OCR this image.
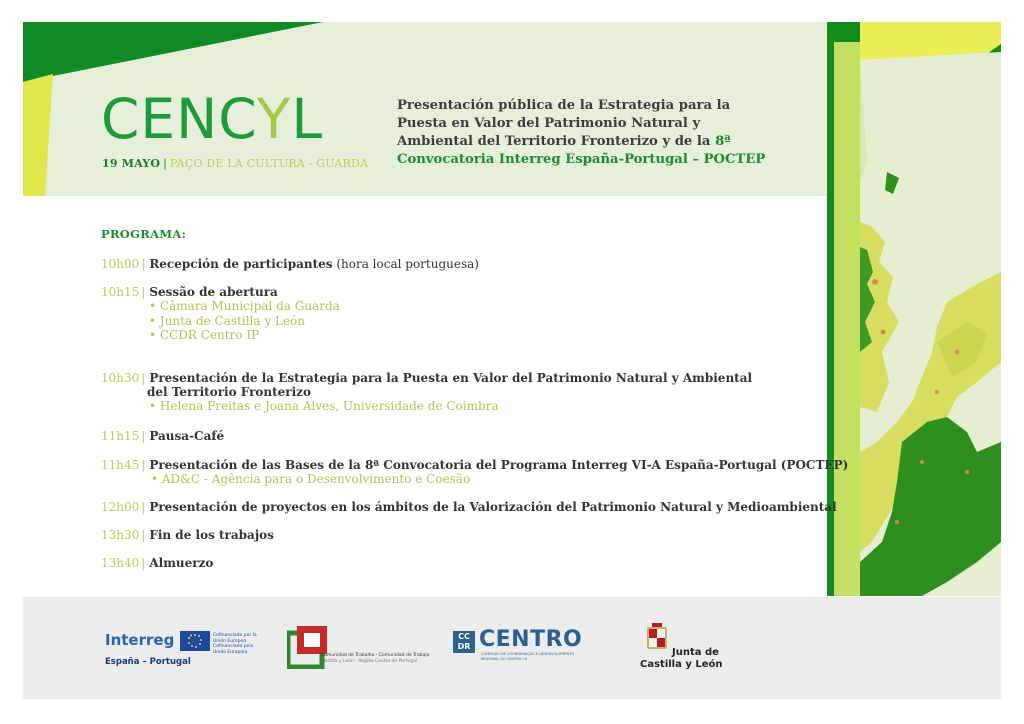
CENCYL
19 MAYO | PAÇO DE LA CULTURA - GUARDA
Presentación pública de la Estrategia para la Puesta en Valor del Patrimonio Natural y Ambiental del Territorio Fronterizo y de la 8ª Convocatoria Interreg España-Portugal – POCTEP
PROGRAMA:
10h00 | Recepción de participantes (hora local portuguesa)
10h15 | Sessão de abertura
• Câmara Municipal da Guarda
• Junta de Castilla y León
• CCDR Centro IP
10h30 | Presentación de la Estrategia para la Puesta en Valor del Patrimonio Natural y Ambiental
del Territorio Fronterizo
• Helena Freitas e Joana Alves, Universidade de Coimbra
11h15 | Pausa-Café
11h45 | Presentación de las Bases de la 8ª Convocatoria del Programa Interreg VI-A España-Portugal (POCTEP)
• AD&C - Agência para o Desenvolvimento e Coesão
12h00 | Presentación de proyectos en los ámbitos de la Valorización del Patrimonio Natural y Medioambiental
13h30 | Fin de los trabajos
13h40 | Almuerzo
Interreg	Cofinanciado por la Unión Europea Cofinanciado pela União Europeia
España – Portugal
Comunidad de Trabalho - Comunidad de Trabajo
Castilla y León - Região Centro de Portugal
CC DR CENTRO
COMISSÃO DE COORDENAÇÃO E DESENVOLVIMENTO REGIONAL DO CENTRO I.P.
Junta de
Castilla y León
